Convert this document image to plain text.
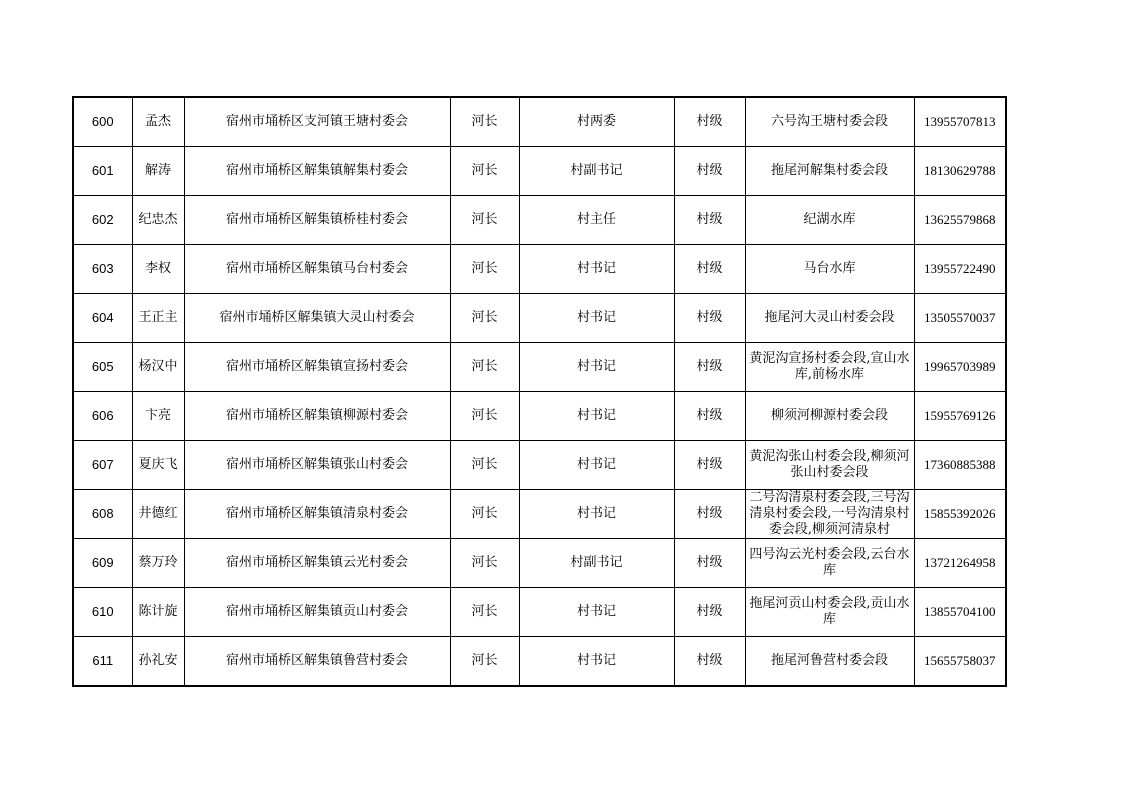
600	孟杰	宿州市埇桥区支河镇王塘村委会	河长	村两委	村级	六号沟王塘村委会段	13955707813
601	解涛	宿州市埇桥区解集镇解集村委会	河长	村副书记	村级	拖尾河解集村委会段	18130629788
602	纪忠杰	宿州市埇桥区解集镇桥桂村委会	河长	村主任	村级	纪湖水库	13625579868
603	李权	宿州市埇桥区解集镇马台村委会	河长	村书记	村级	马台水库	13955722490
604	王正主	宿州市埇桥区解集镇大灵山村委会	河长	村书记	村级	拖尾河大灵山村委会段	13505570037
605	杨汉中	宿州市埇桥区解集镇宣扬村委会	河长	村书记	村级	黄泥沟宣扬村委会段,宣山水库,前杨水库	19965703989
606	卞亮	宿州市埇桥区解集镇柳源村委会	河长	村书记	村级	柳须河柳源村委会段	15955769126
607	夏庆飞	宿州市埇桥区解集镇张山村委会	河长	村书记	村级	黄泥沟张山村委会段,柳须河张山村委会段	17360885388
608	井德红	宿州市埇桥区解集镇清泉村委会	河长	村书记	村级	二号沟清泉村委会段,三号沟清泉村委会段,一号沟清泉村委会段,柳须河清泉村	15855392026
609	蔡万玲	宿州市埇桥区解集镇云光村委会	河长	村副书记	村级	四号沟云光村委会段,云台水库	13721264958
610	陈计旋	宿州市埇桥区解集镇贡山村委会	河长	村书记	村级	拖尾河贡山村委会段,贡山水库	13855704100
611	孙礼安	宿州市埇桥区解集镇鲁营村委会	河长	村书记	村级	拖尾河鲁营村委会段	15655758037
